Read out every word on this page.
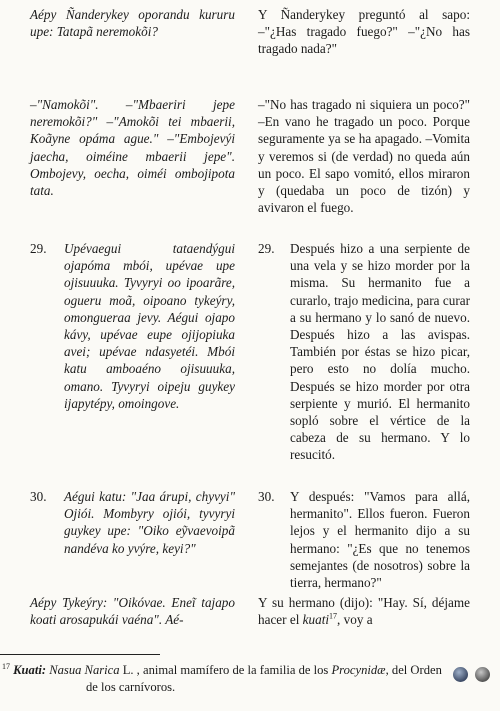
Aépy Ñanderykey oporandu kururu upe: Tatapã neremokõi?

–"Namokõi". –"Mbaeriri jepe neremokõi?" –"Amokõi tei mbaerii, Koãyne opáma ague." –"Embojevýi jaecha, oiméine mbaerii jepe". Ombojevy, oecha, oiméi ombojipota tata.

29.	Upévaegui tataendýgui ojapóma mbói, upévae upe ojisuuuka. Tyvyryi oo ipoarãre, ogueru moã, oipoano tykeýry, omongueraa jevy. Aégui ojapo kávy, upévae eupe ojijopiuka avei; upévae ndasyetéi. Mbói katu amboaéno ojisuuuka, omano. Tyvyryi oipeju guykey ijapytépy, omoingove.

30.	Aégui katu: "Jaa árupi, chyvyi" Ojiói. Mombyry ojiói, tyvyryi guykey upe: "Oiko eỹvaevoipã nandéva ko yvýre, keyi?"

Aépy Tykeýry: "Oikóvae. Eneĩ tajapo koati arosapukái vaéna". Aé-

Y Ñanderykey preguntó al sapo: –"¿Has tragado fuego?" –"¿No has tragado nada?"

–"No has tragado ni siquiera un poco?" –En vano he tragado un poco. Porque seguramente ya se ha apagado. –Vomita y veremos si (de verdad) no queda aún un poco. El sapo vomitó, ellos miraron y (quedaba un poco de tizón) y avivaron el fuego.

29.	Después hizo a una serpiente de una vela y se hizo morder por la misma. Su hermanito fue a curarlo, trajo medicina, para curar a su hermano y lo sanó de nuevo. Después hizo a las avispas. También por éstas se hizo picar, pero esto no dolía mucho. Después se hizo morder por otra serpiente y murió. El hermanito sopló sobre el vértice de la cabeza de su hermano. Y lo resucitó.

30.	Y después: "Vamos para allá, hermanito". Ellos fueron. Fueron lejos y el hermanito dijo a su hermano: "¿Es que no tenemos semejantes (de nosotros) sobre la tierra, hermano?"

Y su hermano (dijo): "Hay. Sí, déjame hacer el kuati$^{17}$, voy a

$^{17}$ Kuati: Nasua Narica L. , animal mamífero de la familia de los Procynidæ, del Orden
de los carnívoros.
